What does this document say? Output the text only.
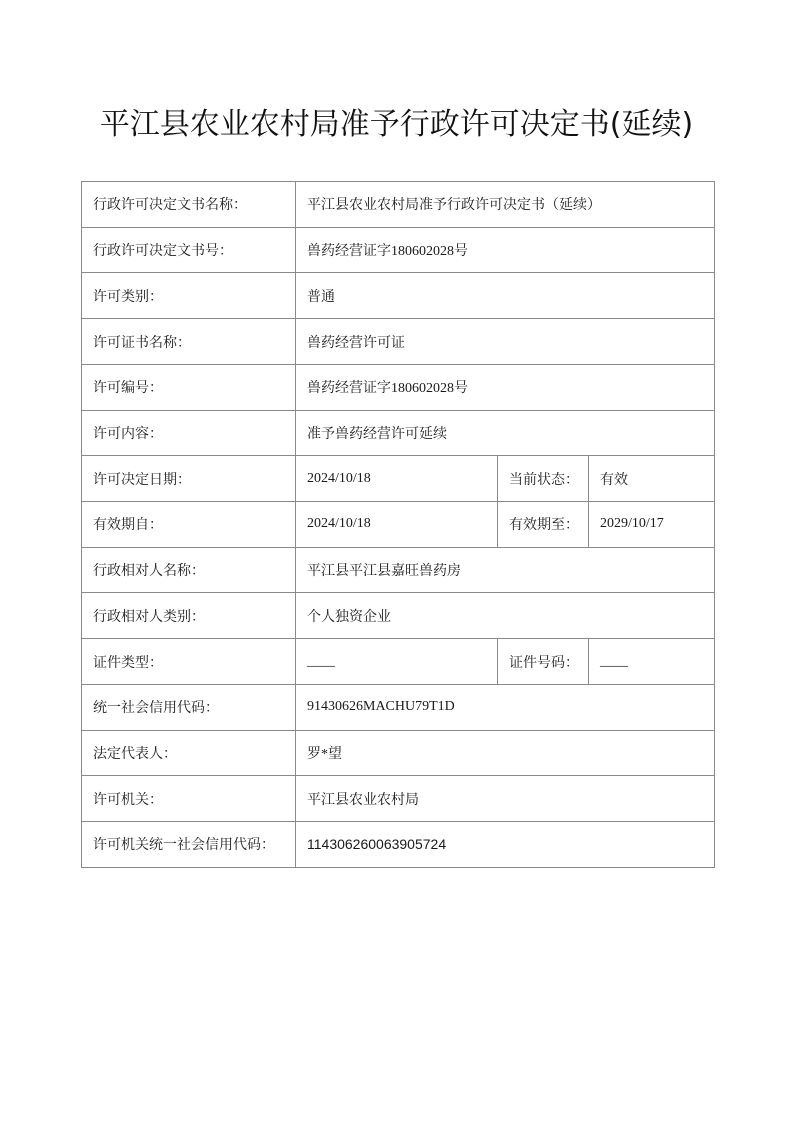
平江县农业农村局准予行政许可决定书(延续)
行政许可决定文书名称：	平江县农业农村局准予行政许可决定书（延续）		
行政许可决定文书号：	兽药经营证字180602028号		
许可类别：	普通		
许可证书名称：	兽药经营许可证		
许可编号：	兽药经营证字180602028号		
许可内容：	准予兽药经营许可延续		
许可决定日期：	2024/10/18	当前状态：	有效
有效期自：	2024/10/18	有效期至：	2029/10/17
行政相对人名称：	平江县平江县嘉旺兽药房		
行政相对人类别：	个人独资企业		
证件类型：	____	证件号码：	____
统一社会信用代码：	91430626MACHU79T1D		
法定代表人：	罗*望		
许可机关：	平江县农业农村局		
许可机关统一社会信用代码：	114306260063905724		
